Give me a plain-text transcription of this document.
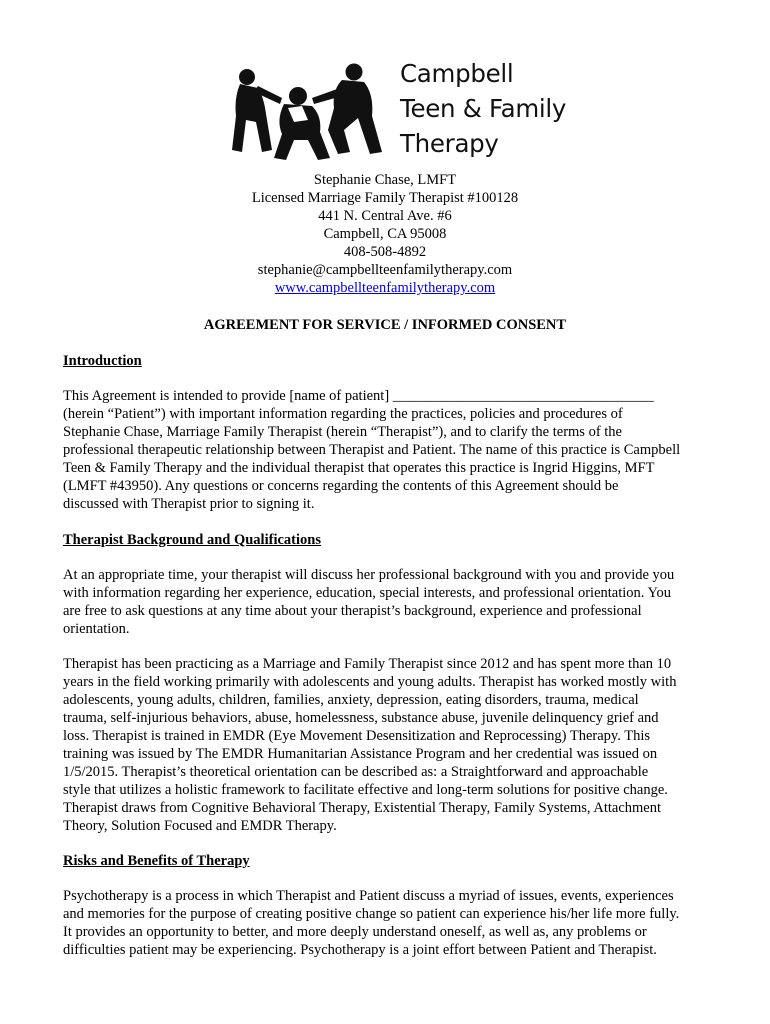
Campbell
Teen & Family
Therapy
Stephanie Chase, LMFT
Licensed Marriage Family Therapist #100128
441 N. Central Ave. #6
Campbell, CA 95008
408-508-4892
stephanie@campbellteenfamilytherapy.com
www.campbellteenfamilytherapy.com
AGREEMENT FOR SERVICE / INFORMED CONSENT
Introduction
This Agreement is intended to provide [name of patient] ____________________________________
(herein “Patient”) with important information regarding the practices, policies and procedures of
Stephanie Chase, Marriage Family Therapist (herein “Therapist”), and to clarify the terms of the
professional therapeutic relationship between Therapist and Patient. The name of this practice is Campbell
Teen & Family Therapy and the individual therapist that operates this practice is Ingrid Higgins, MFT
(LMFT #43950). Any questions or concerns regarding the contents of this Agreement should be
discussed with Therapist prior to signing it.
Therapist Background and Qualifications
At an appropriate time, your therapist will discuss her professional background with you and provide you
with information regarding her experience, education, special interests, and professional orientation. You
are free to ask questions at any time about your therapist’s background, experience and professional
orientation.
Therapist has been practicing as a Marriage and Family Therapist since 2012 and has spent more than 10
years in the field working primarily with adolescents and young adults. Therapist has worked mostly with
adolescents, young adults, children, families, anxiety, depression, eating disorders, trauma, medical
trauma, self-injurious behaviors, abuse, homelessness, substance abuse, juvenile delinquency grief and
loss. Therapist is trained in EMDR (Eye Movement Desensitization and Reprocessing) Therapy. This
training was issued by The EMDR Humanitarian Assistance Program and her credential was issued on
1/5/2015. Therapist’s theoretical orientation can be described as: a Straightforward and approachable
style that utilizes a holistic framework to facilitate effective and long-term solutions for positive change.
Therapist draws from Cognitive Behavioral Therapy, Existential Therapy, Family Systems, Attachment
Theory, Solution Focused and EMDR Therapy.
Risks and Benefits of Therapy
Psychotherapy is a process in which Therapist and Patient discuss a myriad of issues, events, experiences
and memories for the purpose of creating positive change so patient can experience his/her life more fully.
It provides an opportunity to better, and more deeply understand oneself, as well as, any problems or
difficulties patient may be experiencing. Psychotherapy is a joint effort between Patient and Therapist.
